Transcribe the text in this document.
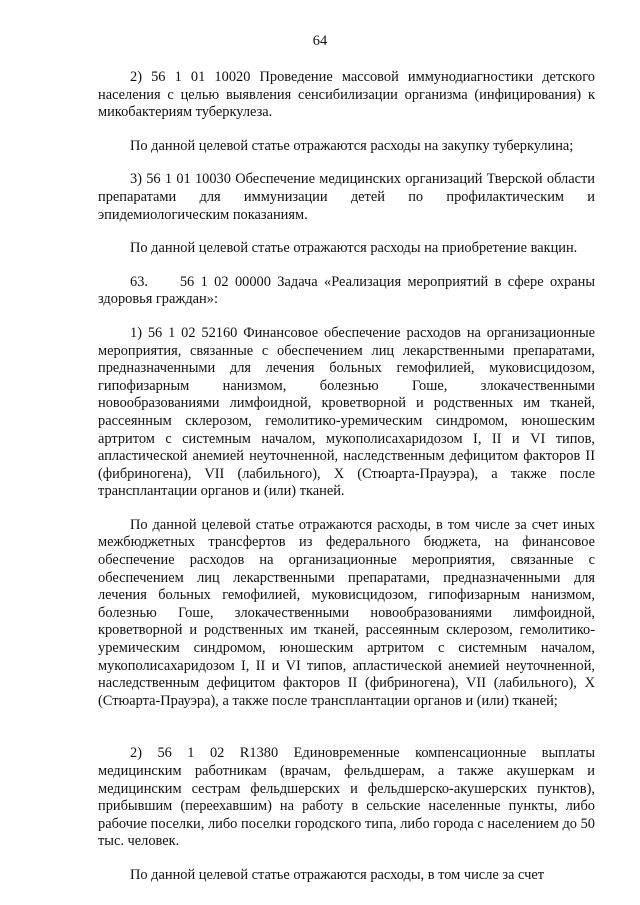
64

2) 56 1 01 10020 Проведение массовой иммунодиагностики детского населения с целью выявления сенсибилизации организма (инфицирования) к микобактериям туберкулеза.

По данной целевой статье отражаются расходы на закупку туберкулина;

3) 56 1 01 10030 Обеспечение медицинских организаций Тверской области препаратами для иммунизации детей по профилактическим и эпидемиологическим показаниям.

По данной целевой статье отражаются расходы на приобретение вакцин.

63.     56 1 02 00000 Задача «Реализация мероприятий в сфере охраны здоровья граждан»:

1) 56 1 02 52160 Финансовое обеспечение расходов на организационные мероприятия, связанные с обеспечением лиц лекарственными препаратами, предназначенными для лечения больных гемофилией, муковисцидозом, гипофизарным нанизмом, болезнью Гоше, злокачественными новообразованиями лимфоидной, кроветворной и родственных им тканей, рассеянным склерозом, гемолитико-уремическим синдромом, юношеским артритом с системным началом, мукополисахаридозом I, II и VI типов, апластической анемией неуточненной, наследственным дефицитом факторов II (фибриногена), VII (лабильного), X (Стюарта-Прауэра), а также после трансплантации органов и (или) тканей.

По данной целевой статье отражаются расходы, в том числе за счет иных межбюджетных трансфертов из федерального бюджета, на финансовое обеспечение расходов на организационные мероприятия, связанные с обеспечением лиц лекарственными препаратами, предназначенными для лечения больных гемофилией, муковисцидозом, гипофизарным нанизмом, болезнью Гоше, злокачественными новообразованиями лимфоидной, кроветворной и родственных им тканей, рассеянным склерозом, гемолитико-уремическим синдромом, юношеским артритом с системным началом, мукополисахаридозом I, II и VI типов, апластической анемией неуточненной, наследственным дефицитом факторов II (фибриногена), VII (лабильного), X (Стюарта-Прауэра), а также после трансплантации органов и (или) тканей;

2) 56 1 02 R1380 Единовременные компенсационные выплаты медицинским работникам (врачам, фельдшерам, а также акушеркам и медицинским сестрам фельдшерских и фельдшерско-акушерских пунктов), прибывшим (переехавшим) на работу в сельские населенные пункты, либо рабочие поселки, либо поселки городского типа, либо города с населением до 50 тыс. человек.

По данной целевой статье отражаются расходы, в том числе за счет
